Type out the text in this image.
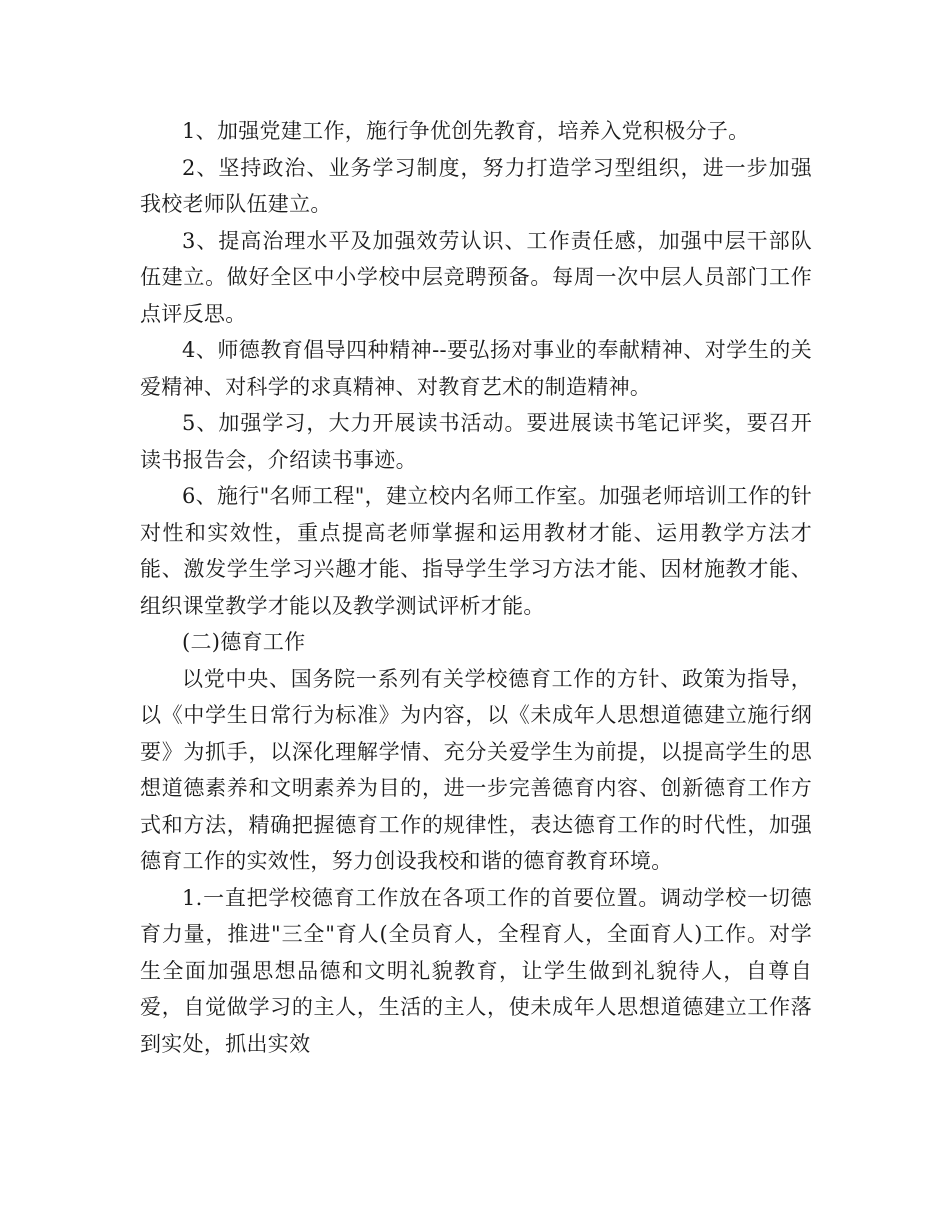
1、加强党建工作，施行争优创先教育，培养入党积极分子。

2、坚持政治、业务学习制度，努力打造学习型组织，进一步加强我校老师队伍建立。

3、提高治理水平及加强效劳认识、工作责任感，加强中层干部队伍建立。做好全区中小学校中层竞聘预备。每周一次中层人员部门工作点评反思。

4、师德教育倡导四种精神--要弘扬对事业的奉献精神、对学生的关爱精神、对科学的求真精神、对教育艺术的制造精神。

5、加强学习，大力开展读书活动。要进展读书笔记评奖，要召开读书报告会，介绍读书事迹。

6、施行"名师工程"，建立校内名师工作室。加强老师培训工作的针对性和实效性，重点提高老师掌握和运用教材才能、运用教学方法才能、激发学生学习兴趣才能、指导学生学习方法才能、因材施教才能、组织课堂教学才能以及教学测试评析才能。

(二)德育工作

以党中央、国务院一系列有关学校德育工作的方针、政策为指导，以《中学生日常行为标准》为内容，以《未成年人思想道德建立施行纲要》为抓手，以深化理解学情、充分关爱学生为前提，以提高学生的思想道德素养和文明素养为目的，进一步完善德育内容、创新德育工作方式和方法，精确把握德育工作的规律性，表达德育工作的时代性，加强德育工作的实效性，努力创设我校和谐的德育教育环境。

1.一直把学校德育工作放在各项工作的首要位置。调动学校一切德育力量，推进"三全"育人(全员育人，全程育人，全面育人)工作。对学生全面加强思想品德和文明礼貌教育，让学生做到礼貌待人，自尊自爱，自觉做学习的主人，生活的主人，使未成年人思想道德建立工作落到实处，抓出实效
